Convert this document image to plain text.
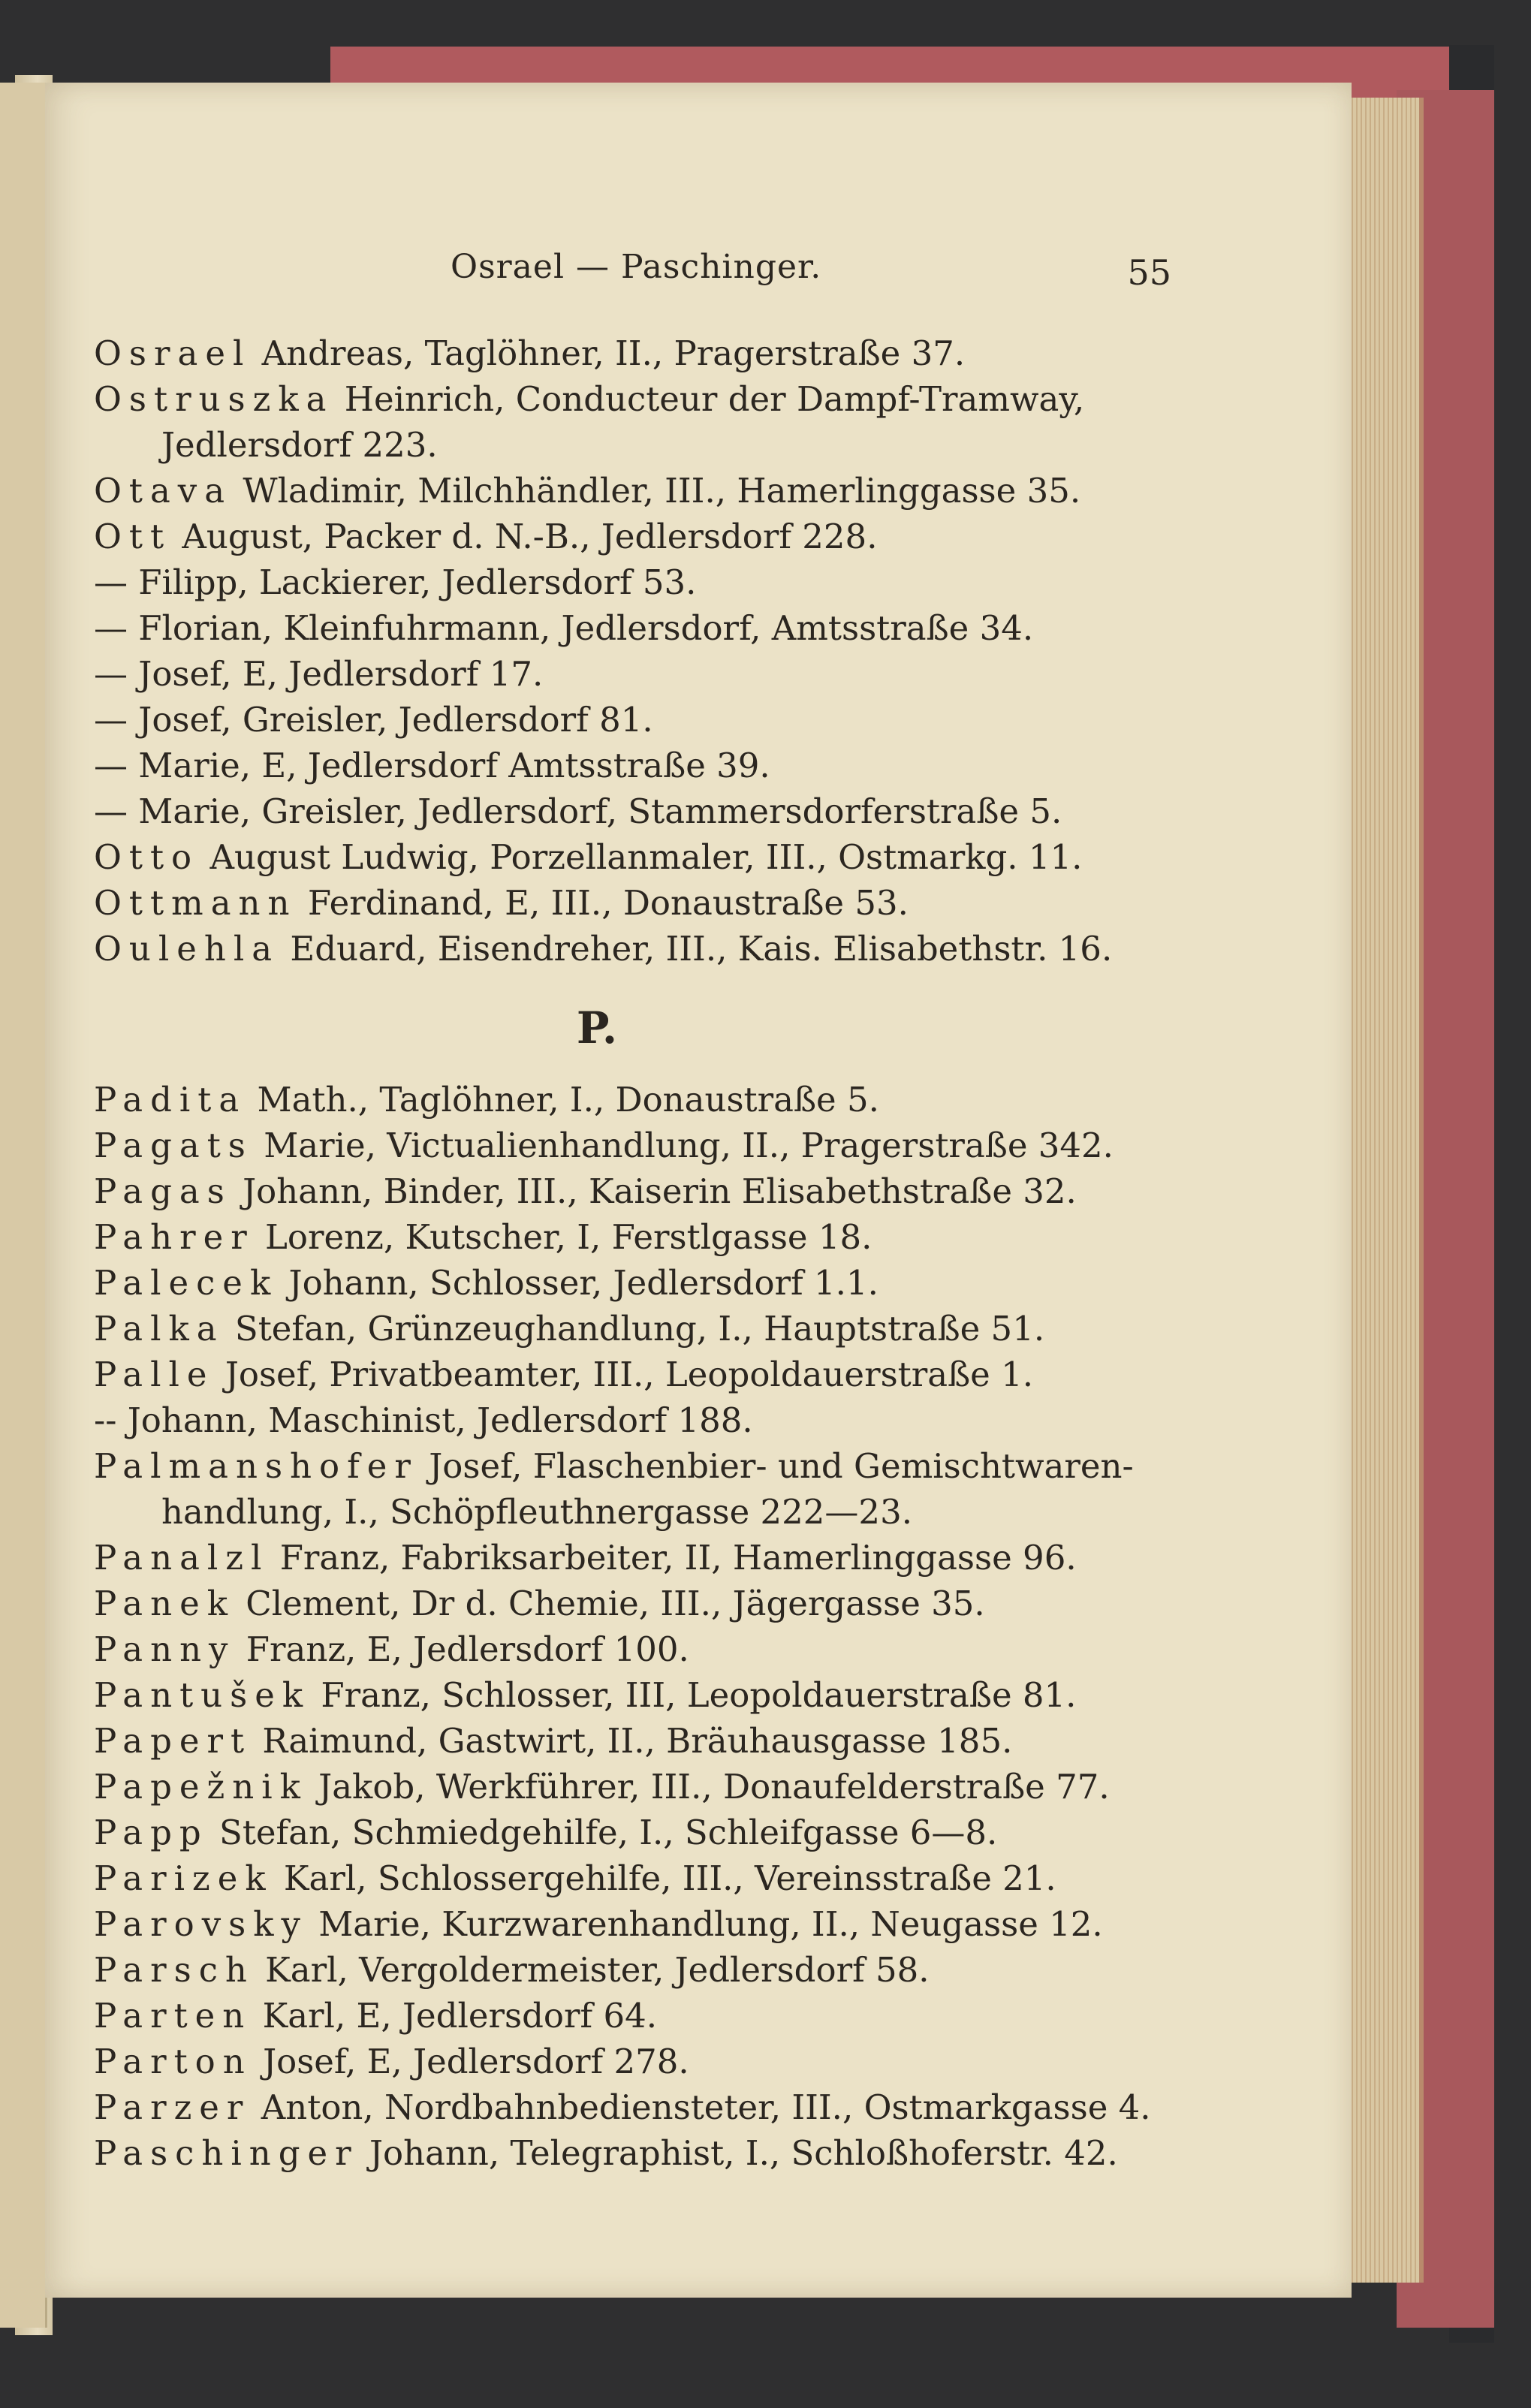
Osrael — Paschinger.	55

Osrael Andreas, Taglöhner, II., Pragerstraße 37.

Ostruszka Heinrich, Conducteur der Dampf-Tramway,

Jedlersdorf 223.

Otava Wladimir, Milchhändler, III., Hamerlinggasse 35.

Ott August, Packer d. N.-B., Jedlersdorf 228.

— Filipp, Lackierer, Jedlersdorf 53.

— Florian, Kleinfuhrmann, Jedlersdorf, Amtsstraße 34.

— Josef, E, Jedlersdorf 17.

— Josef, Greisler, Jedlersdorf 81.

— Marie, E, Jedlersdorf Amtsstraße 39.

— Marie, Greisler, Jedlersdorf, Stammersdorferstraße 5.

Otto August Ludwig, Porzellanmaler, III., Ostmarkg. 11.

Ottmann Ferdinand, E, III., Donaustraße 53.

Oulehla Eduard, Eisendreher, III., Kais. Elisabethstr. 16.

P.

Padita Math., Taglöhner, I., Donaustraße 5.

Pagats Marie, Victualienhandlung, II., Pragerstraße 342.

Pagas Johann, Binder, III., Kaiserin Elisabethstraße 32.

Pahrer Lorenz, Kutscher, I, Ferstlgasse 18.

Palecek Johann, Schlosser, Jedlersdorf 1.1.

Palka Stefan, Grünzeughandlung, I., Hauptstraße 51.

Palle Josef, Privatbeamter, III., Leopoldauerstraße 1.

-- Johann, Maschinist, Jedlersdorf 188.

Palmanshofer Josef, Flaschenbier- und Gemischtwaren-

handlung, I., Schöpfleuthnergasse 222—23.

Panalzl Franz, Fabriksarbeiter, II, Hamerlinggasse 96.

Panek Clement, Dr d. Chemie, III., Jägergasse 35.

Panny Franz, E, Jedlersdorf 100.

Pantušek Franz, Schlosser, III, Leopoldauerstraße 81.

Papert Raimund, Gastwirt, II., Bräuhausgasse 185.

Papežnik Jakob, Werkführer, III., Donaufelderstraße 77.

Papp Stefan, Schmiedgehilfe, I., Schleifgasse 6—8.

Parizek Karl, Schlossergehilfe, III., Vereinsstraße 21.

Parovsky Marie, Kurzwarenhandlung, II., Neugasse 12.

Parsch Karl, Vergoldermeister, Jedlersdorf 58.

Parten Karl, E, Jedlersdorf 64.

Parton Josef, E, Jedlersdorf 278.

Parzer Anton, Nordbahnbediensteter, III., Ostmarkgasse 4.

Paschinger Johann, Telegraphist, I., Schloßhoferstr. 42.
